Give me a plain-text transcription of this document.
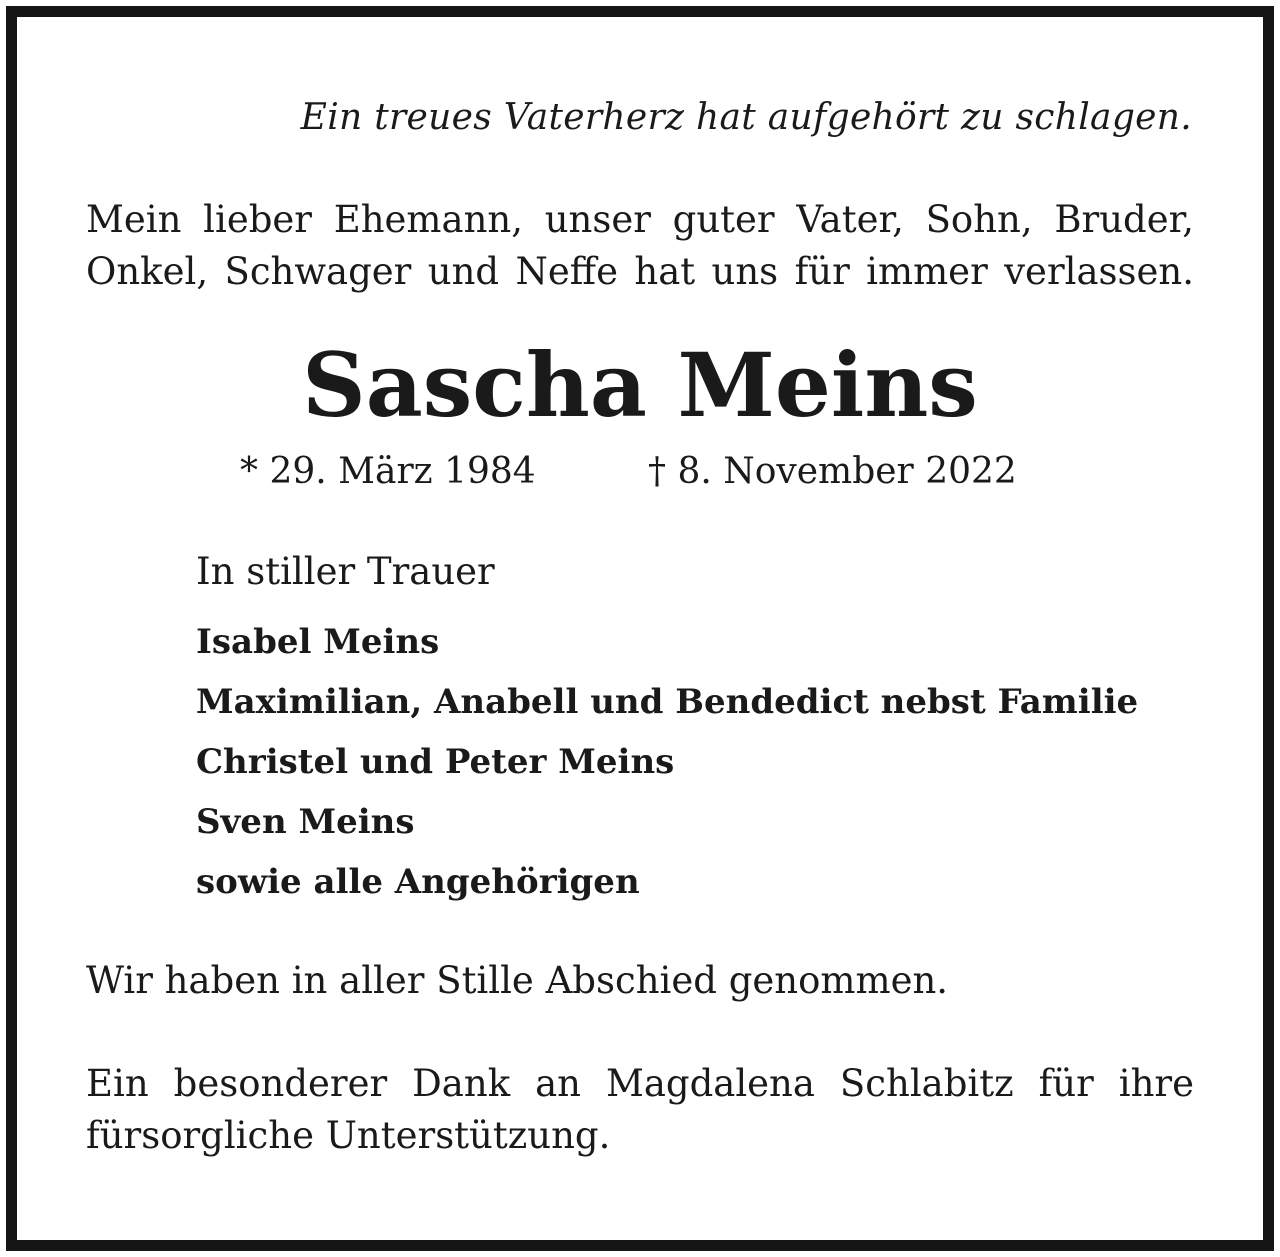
Ein treues Vaterherz hat aufgehört zu schlagen.
Mein lieber Ehemann, unser guter Vater, Sohn, Bruder,
Onkel, Schwager und Neffe hat uns für immer verlassen.
Sascha Meins
* 29. März 1984	† 8. November 2022
In stiller Trauer
Isabel Meins
Maximilian, Anabell und Bendedict nebst Familie
Christel und Peter Meins
Sven Meins
sowie alle Angehörigen
Wir haben in aller Stille Abschied genommen.
Ein besonderer Dank an Magdalena Schlabitz für ihre
fürsorgliche Unterstützung.
